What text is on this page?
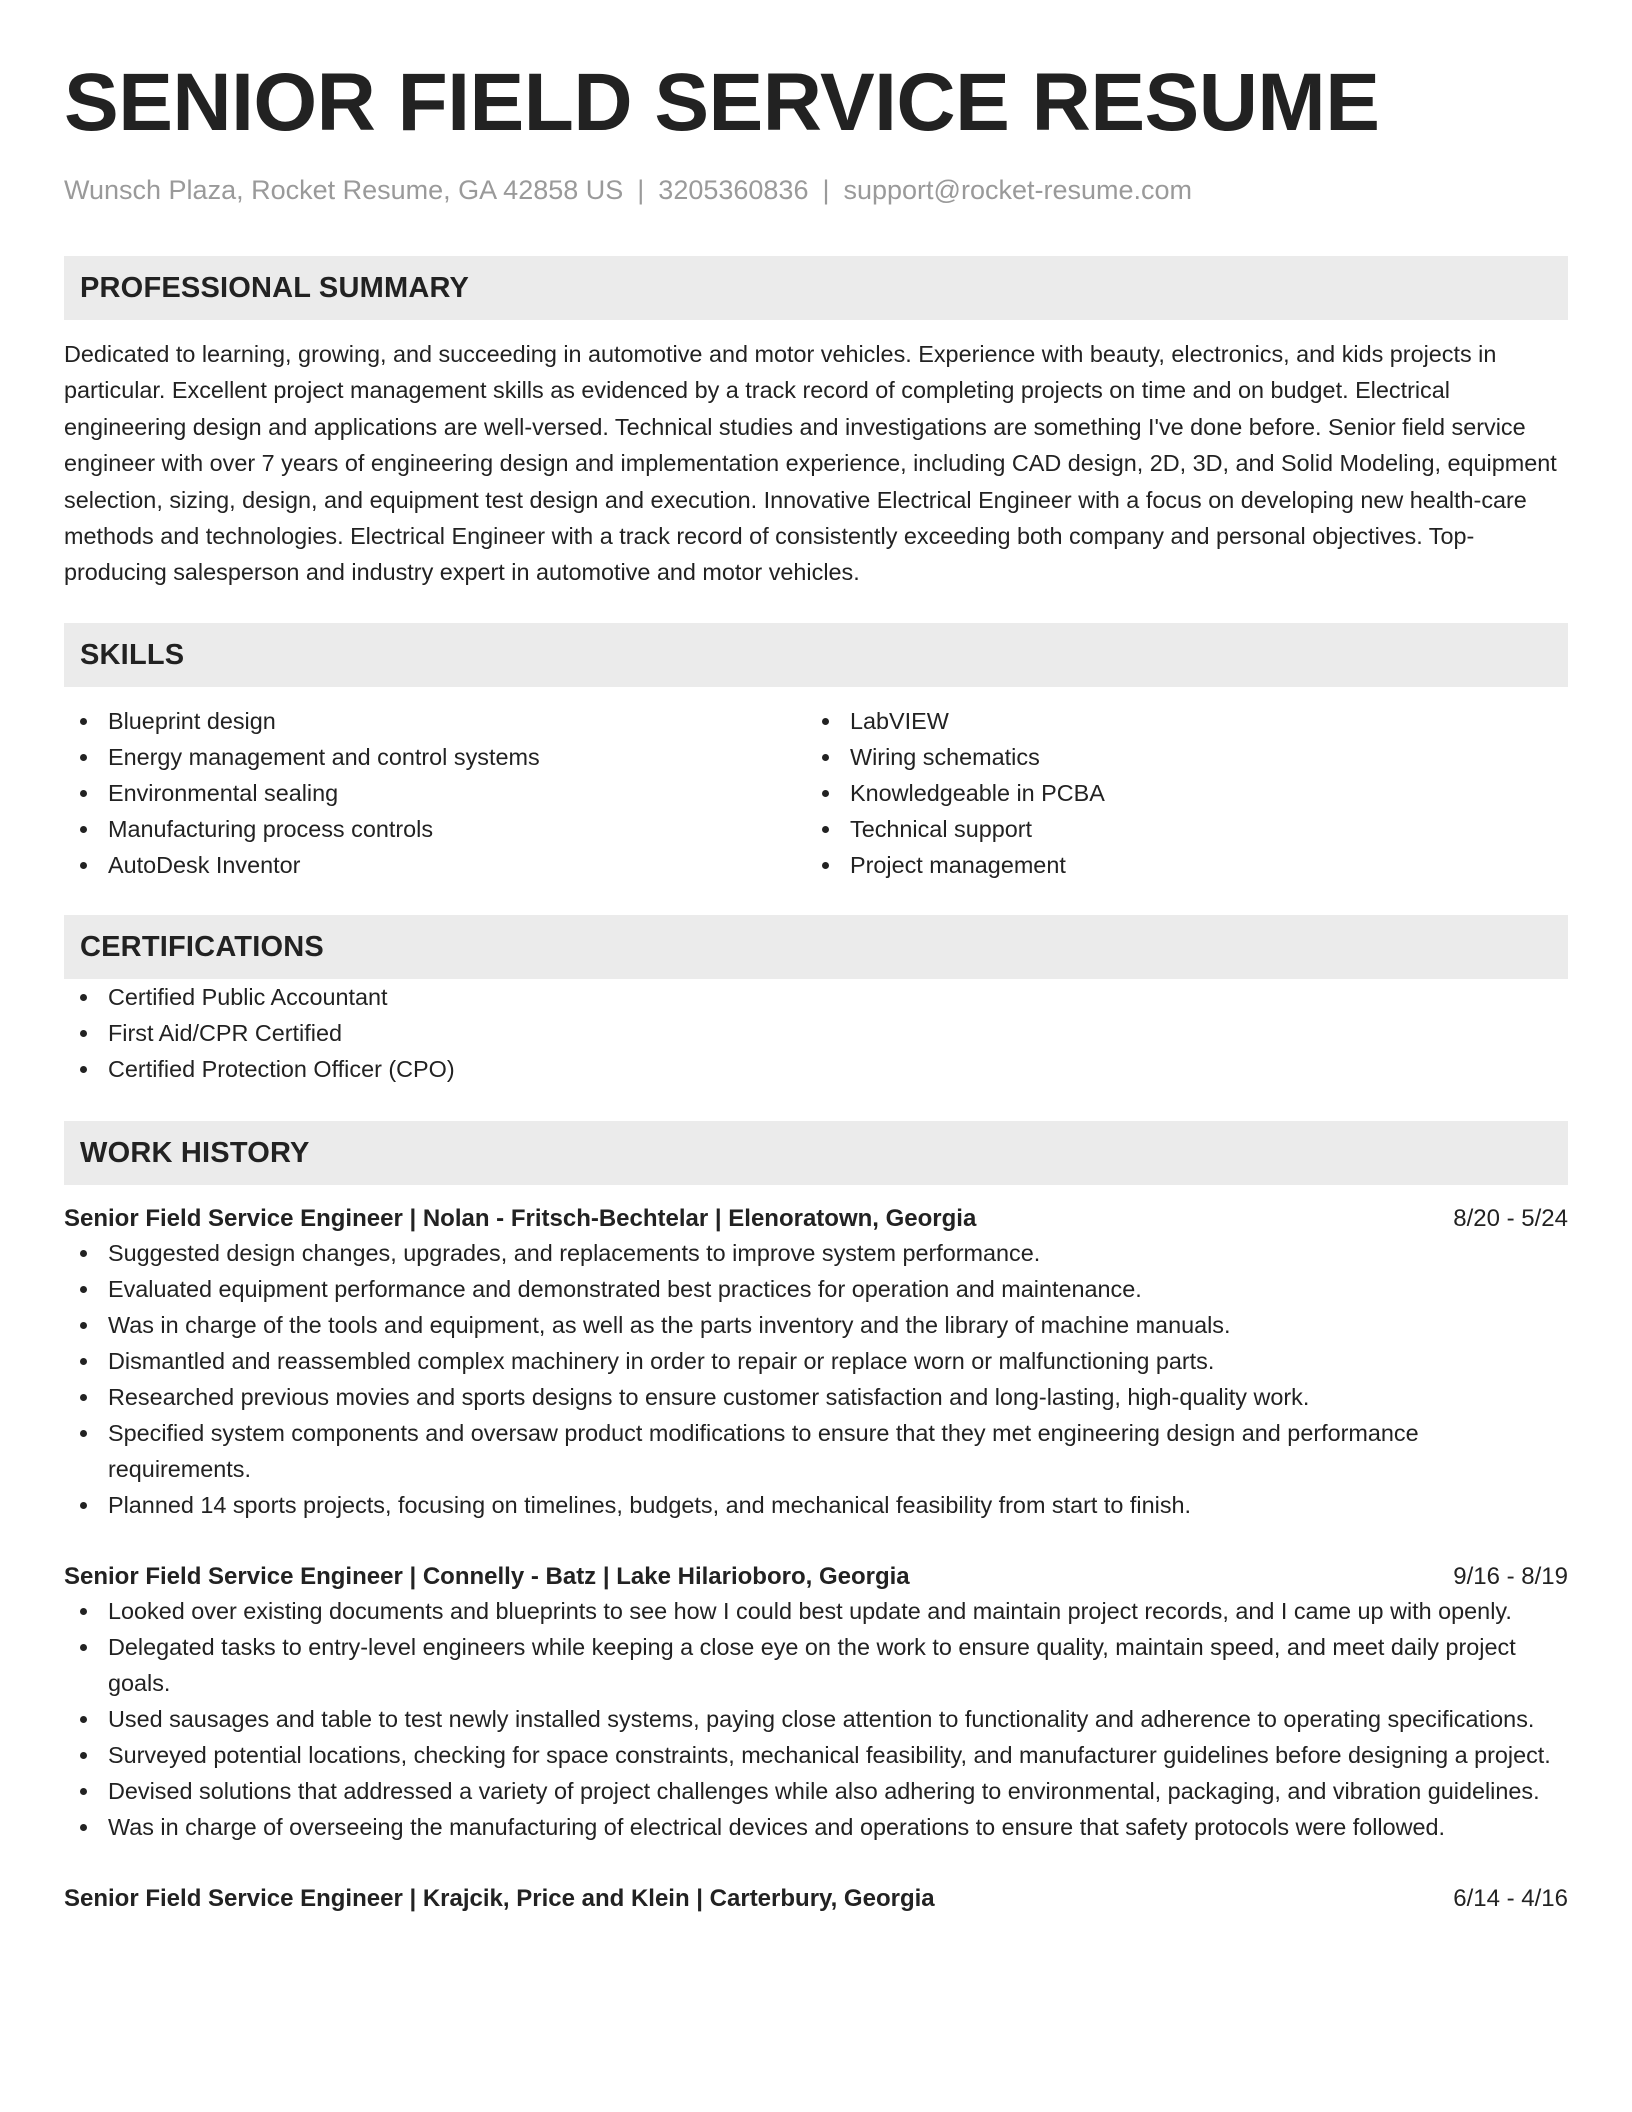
SENIOR FIELD SERVICE RESUME
Wunsch Plaza, Rocket Resume, GA 42858 US | 3205360836 | support@rocket-resume.com
PROFESSIONAL SUMMARY

Dedicated to learning, growing, and succeeding in automotive and motor vehicles. Experience with beauty, electronics, and kids projects in particular. Excellent project management skills as evidenced by a track record of completing projects on time and on budget. Electrical engineering design and applications are well-versed. Technical studies and investigations are something I've done before. Senior field service engineer with over 7 years of engineering design and implementation experience, including CAD design, 2D, 3D, and Solid Modeling, equipment selection, sizing, design, and equipment test design and execution. Innovative Electrical Engineer with a focus on developing new health-care methods and technologies. Electrical Engineer with a track record of consistently exceeding both company and personal objectives. Top-producing salesperson and industry expert in automotive and motor vehicles.

SKILLS
Blueprint design
Energy management and control systems
Environmental sealing
Manufacturing process controls
AutoDesk Inventor
LabVIEW
Wiring schematics
Knowledgeable in PCBA
Technical support
Project management
CERTIFICATIONS
Certified Public Accountant
First Aid/CPR Certified
Certified Protection Officer (CPO)
WORK HISTORY
Senior Field Service Engineer | Nolan - Fritsch-Bechtelar | Elenoratown, Georgia	8/20 - 5/24
Suggested design changes, upgrades, and replacements to improve system performance.
Evaluated equipment performance and demonstrated best practices for operation and maintenance.
Was in charge of the tools and equipment, as well as the parts inventory and the library of machine manuals.
Dismantled and reassembled complex machinery in order to repair or replace worn or malfunctioning parts.
Researched previous movies and sports designs to ensure customer satisfaction and long-lasting, high-quality work.
Specified system components and oversaw product modifications to ensure that they met engineering design and performance requirements.
Planned 14 sports projects, focusing on timelines, budgets, and mechanical feasibility from start to finish.
Senior Field Service Engineer | Connelly - Batz | Lake Hilarioboro, Georgia	9/16 - 8/19
Looked over existing documents and blueprints to see how I could best update and maintain project records, and I came up with openly.
Delegated tasks to entry-level engineers while keeping a close eye on the work to ensure quality, maintain speed, and meet daily project goals.
Used sausages and table to test newly installed systems, paying close attention to functionality and adherence to operating specifications.
Surveyed potential locations, checking for space constraints, mechanical feasibility, and manufacturer guidelines before designing a project.
Devised solutions that addressed a variety of project challenges while also adhering to environmental, packaging, and vibration guidelines.
Was in charge of overseeing the manufacturing of electrical devices and operations to ensure that safety protocols were followed.
Senior Field Service Engineer | Krajcik, Price and Klein | Carterbury, Georgia	6/14 - 4/16
